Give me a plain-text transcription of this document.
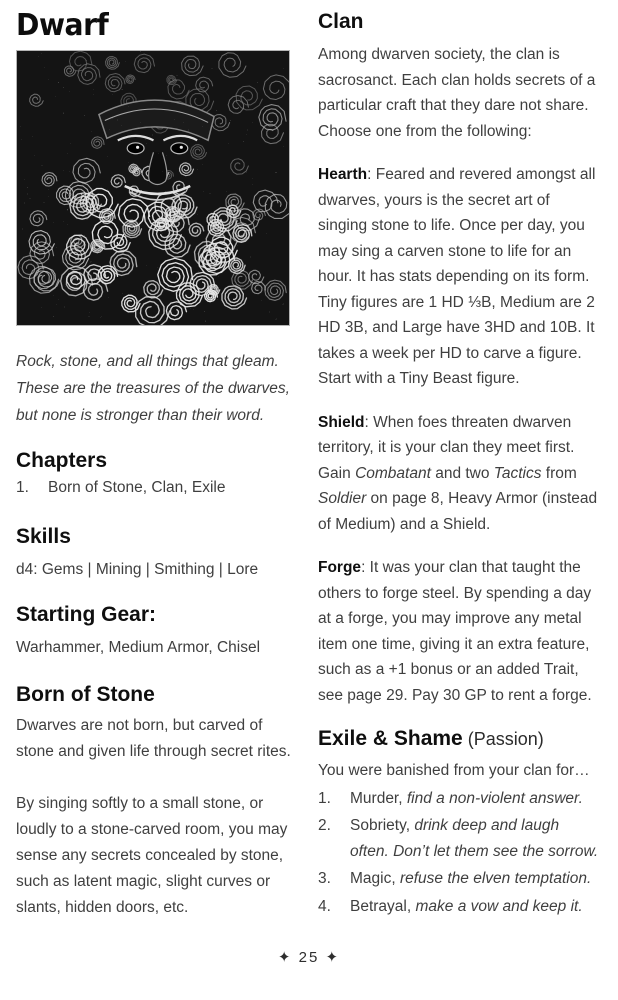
Dwarf

Rock, stone, and all things that gleam. These are the treasures of the dwarves, but none is stronger than their word.

Chapters
1.	Born of Stone, Clan, Exile
Skills

d4: Gems | Mining | Smithing | Lore

Starting Gear:

Warhammer, Medium Armor, Chisel

Born of Stone

Dwarves are not born, but carved of stone and given life through secret rites.

By singing softly to a small stone, or loudly to a stone-carved room, you may sense any secrets concealed by stone, such as latent magic, slight curves or slants, hidden doors, etc.

Clan

Among dwarven society, the clan is sacrosanct. Each clan holds secrets of a particular craft that they dare not share. Choose one from the following:

Hearth: Feared and revered amongst all dwarves, yours is the secret art of singing stone to life. Once per day, you may sing a carven stone to life for an hour. It has stats depending on its form. Tiny figures are 1 HD ⅓B, Medium are 2 HD 3B, and Large have 3HD and 10B. It takes a week per HD to carve a figure. Start with a Tiny Beast figure.

Shield: When foes threaten dwarven territory, it is your clan they meet first. Gain Combatant and two Tactics from Soldier on page 8, Heavy Armor (instead of Medium) and a Shield.

Forge: It was your clan that taught the others to forge steel. By spending a day at a forge, you may improve any metal item one time, giving it an extra feature, such as a +1 bonus or an added Trait, see page 29. Pay 30 GP to rent a forge.

Exile & Shame (Passion)

You were banished from your clan for…

1.	Murder, find a non-violent answer.
2.	Sobriety, drink deep and laugh often. Don’t let them see the sorrow.
3.	Magic, refuse the elven temptation.
4.	Betrayal, make a vow and keep it.
✦ 25 ✦
